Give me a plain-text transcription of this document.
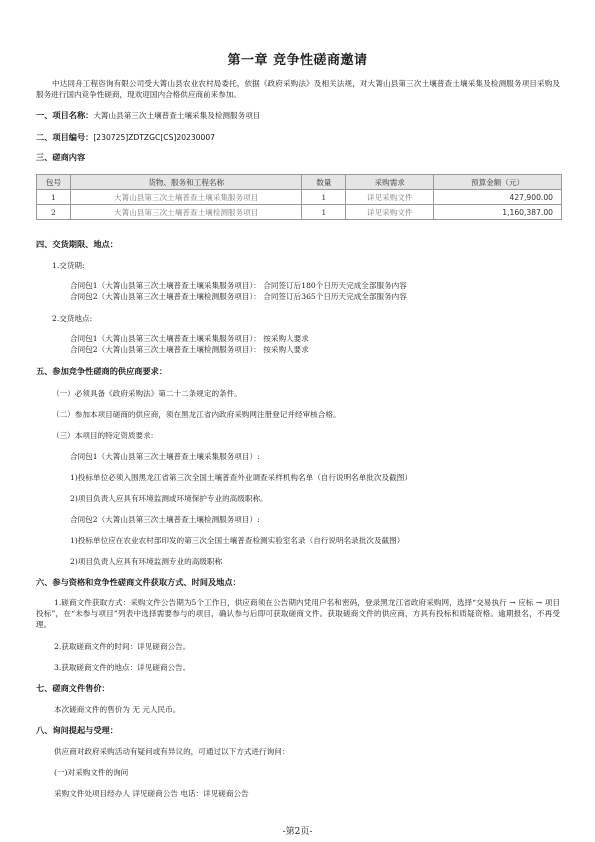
第一章 竞争性磋商邀请
中达同舟工程咨询有限公司受大箐山县农业农村局委托，依据《政府采购法》及相关法规，对大箐山县第三次土壤普查土壤采集及检测服务项目采购及服务进行国内竞争性磋商，现欢迎国内合格供应商前来参加。
一、项目名称：大箐山县第三次土壤普查土壤采集及检测服务项目
二、项目编号：[230725]ZDTZGC[CS]20230007
三、磋商内容
包号	货物、服务和工程名称	数量	采购需求	预算金额（元）
1	大箐山县第三次土壤普查土壤采集服务项目	1	详见采购文件	427,900.00
2	大箐山县第三次土壤普查土壤检测服务项目	1	详见采购文件	1,160,387.00
四、交货期限、地点：
1.交货期:
合同包1（大箐山县第三次土壤普查土壤采集服务项目）： 合同签订后180个日历天完成全部服务内容
合同包2（大箐山县第三次土壤普查土壤检测服务项目）： 合同签订后365个日历天完成全部服务内容
2.交货地点:
合同包1（大箐山县第三次土壤普查土壤采集服务项目）： 按采购人要求
合同包2（大箐山县第三次土壤普查土壤检测服务项目）： 按采购人要求
五、参加竞争性磋商的供应商要求：
（一）必须具备《政府采购法》第二十二条规定的条件。
（二）参加本项目磋商的供应商，须在黑龙江省内政府采购网注册登记并经审核合格。
（三）本项目的特定资质要求:
合同包1（大箐山县第三次土壤普查土壤采集服务项目）:
1)投标单位必须入围黑龙江省第三次全国土壤普查外业调查采样机构名单（自行说明名单批次及截图）
2)项目负责人应具有环境监测或环境保护专业的高级职称。
合同包2（大箐山县第三次土壤普查土壤检测服务项目）:
1)投标单位应在农业农村部印发的第三次全国土壤普查检测实验室名录（自行说明名录批次及截图）
2)项目负责人应具有环境监测专业的高级职称
六、参与资格和竞争性磋商文件获取方式、时间及地点：
1.磋商文件获取方式：采购文件公告期为5个工作日，供应商须在公告期内凭用户名和密码，登录黑龙江省政府采购网，选择“交易执行 → 应标 → 项目投标”，在“未参与项目”列表中选择需要参与的项目，确认参与后即可获取磋商文件。获取磋商文件的供应商，方具有投标和质疑资格。逾期报名，不再受理。
2.获取磋商文件的时间：详见磋商公告。
3.获取磋商文件的地点：详见磋商公告。
七、磋商文件售价：
本次磋商文件的售价为 无 元人民币。
八、询问提起与受理：
供应商对政府采购活动有疑问或有异议的，可通过以下方式进行询问：
(一)对采购文件的询问
采购文件处项目经办人 详见磋商公告 电话：详见磋商公告
-第2页-
